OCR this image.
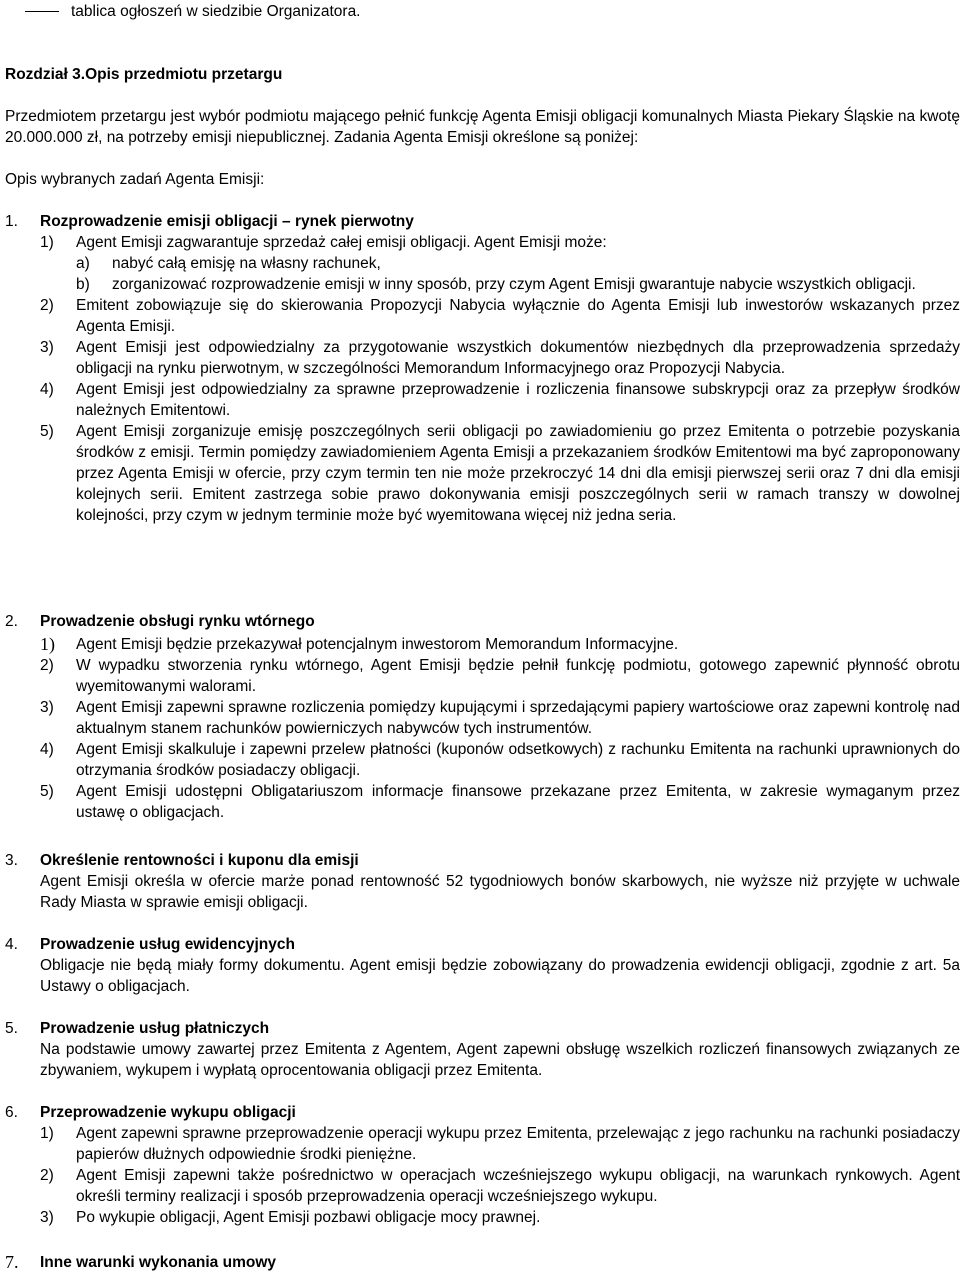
tablica ogłoszeń w siedzibie Organizatora.
Rozdział 3.Opis przedmiotu przetargu
Przedmiotem przetargu jest wybór podmiotu mającego pełnić funkcję Agenta Emisji obligacji komunalnych Miasta Piekary Śląskie na kwotę 20.000.000 zł, na potrzeby emisji niepublicznej. Zadania Agenta Emisji określone są poniżej:
Opis wybranych zadań Agenta Emisji:
1.	Rozprowadzenie emisji obligacji – rynek pierwotny
1)	Agent Emisji zagwarantuje sprzedaż całej emisji obligacji. Agent Emisji może:
a)	nabyć całą emisję na własny rachunek,
b)	zorganizować rozprowadzenie emisji w inny sposób, przy czym Agent Emisji gwarantuje nabycie wszystkich obligacji.
2)	Emitent zobowiązuje się do skierowania Propozycji Nabycia wyłącznie do Agenta Emisji lub inwestorów wskazanych przez Agenta Emisji.
3)	Agent Emisji jest odpowiedzialny za przygotowanie wszystkich dokumentów niezbędnych dla przeprowadzenia sprzedaży obligacji na rynku pierwotnym, w szczególności Memorandum Informacyjnego oraz Propozycji Nabycia.
4)	Agent Emisji jest odpowiedzialny za sprawne przeprowadzenie i rozliczenia finansowe subskrypcji oraz za przepływ środków należnych Emitentowi.
5)	Agent Emisji zorganizuje emisję poszczególnych serii obligacji po zawiadomieniu go przez Emitenta o potrzebie pozyskania środków z emisji. Termin pomiędzy zawiadomieniem Agenta Emisji a przekazaniem środków Emitentowi ma być zaproponowany przez Agenta Emisji w ofercie, przy czym termin ten nie może przekroczyć 14 dni dla emisji pierwszej serii oraz 7 dni dla emisji kolejnych serii. Emitent zastrzega sobie prawo dokonywania emisji poszczególnych serii w ramach transzy w dowolnej kolejności, przy czym w jednym terminie może być wyemitowana więcej niż jedna seria.
2.	Prowadzenie obsługi rynku wtórnego
1)	Agent Emisji będzie przekazywał potencjalnym inwestorom Memorandum Informacyjne.
2)	W wypadku stworzenia rynku wtórnego, Agent Emisji będzie pełnił funkcję podmiotu, gotowego zapewnić płynność obrotu wyemitowanymi walorami.
3)	Agent Emisji zapewni sprawne rozliczenia pomiędzy kupującymi i sprzedającymi papiery wartościowe oraz zapewni kontrolę nad aktualnym stanem rachunków powierniczych nabywców tych instrumentów.
4)	Agent Emisji skalkuluje i zapewni przelew płatności (kuponów odsetkowych) z rachunku Emitenta na rachunki uprawnionych do otrzymania środków posiadaczy obligacji.
5)	Agent Emisji udostępni Obligatariuszom informacje finansowe przekazane przez Emitenta, w zakresie wymaganym przez ustawę o obligacjach.
3.	Określenie rentowności i kuponu dla emisji
Agent Emisji określa w ofercie marże ponad rentowność 52 tygodniowych bonów skarbowych, nie wyższe niż przyjęte w uchwale Rady Miasta w sprawie emisji obligacji.
4.	Prowadzenie usług ewidencyjnych
Obligacje nie będą miały formy dokumentu. Agent emisji będzie zobowiązany do prowadzenia ewidencji obligacji, zgodnie z art. 5a Ustawy o obligacjach.
5.	Prowadzenie usług płatniczych
Na podstawie umowy zawartej przez Emitenta z Agentem, Agent zapewni obsługę wszelkich rozliczeń finansowych związanych ze zbywaniem, wykupem i wypłatą oprocentowania obligacji przez Emitenta.
6.	Przeprowadzenie wykupu obligacji
1)	Agent zapewni sprawne przeprowadzenie operacji wykupu przez Emitenta, przelewając z jego rachunku na rachunki posiadaczy papierów dłużnych odpowiednie środki pieniężne.
2)	Agent Emisji zapewni także pośrednictwo w operacjach wcześniejszego wykupu obligacji, na warunkach rynkowych. Agent określi terminy realizacji i sposób przeprowadzenia operacji wcześniejszego wykupu.
3)	Po wykupie obligacji, Agent Emisji pozbawi obligacje mocy prawnej.
7.	Inne warunki wykonania umowy
